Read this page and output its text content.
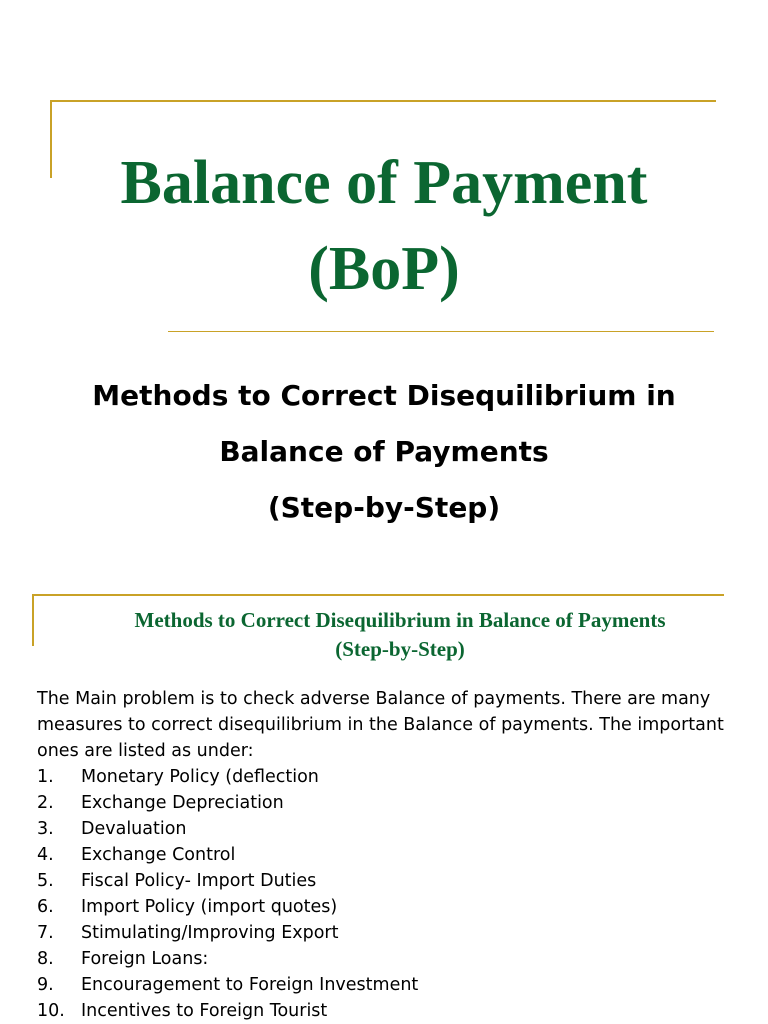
Balance of Payment
(BoP)
Methods to Correct Disequilibrium in
Balance of Payments
(Step-by-Step)
Methods to Correct Disequilibrium in Balance of Payments
(Step-by-Step)

The Main problem is to check adverse Balance of payments. There are many measures to correct disequilibrium in the Balance of payments. The important ones are listed as under:

1.	Monetary Policy (deflection
2.	Exchange Depreciation
3.	Devaluation
4.	Exchange Control
5.	Fiscal Policy- Import Duties
6.	Import Policy (import quotes)
7.	Stimulating/Improving Export
8.	Foreign Loans:
9.	Encouragement to Foreign Investment
10. Incentives to Foreign Tourist
